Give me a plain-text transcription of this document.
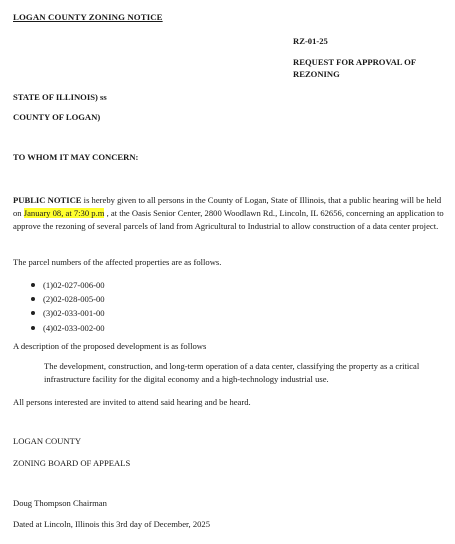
LOGAN COUNTY ZONING NOTICE
RZ-01-25
REQUEST FOR APPROVAL OF REZONING
STATE OF ILLINOIS) ss
COUNTY OF LOGAN)
TO WHOM IT MAY CONCERN:
PUBLIC NOTICE is hereby given to all persons in the County of Logan, State of Illinois, that a public hearing will be held on January 08, at 7:30 p.m , at the Oasis Senior Center, 2800 Woodlawn Rd., Lincoln, IL 62656, concerning an application to approve the rezoning of several parcels of land from Agricultural to Industrial to allow construction of a data center project.
The parcel numbers of the affected properties are as follows.
(1)02-027-006-00
(2)02-028-005-00
(3)02-033-001-00
(4)02-033-002-00
A description of the proposed development is as follows
The development, construction, and long-term operation of a data center, classifying the property as a critical infrastructure facility for the digital economy and a high-technology industrial use.
All persons interested are invited to attend said hearing and be heard.
LOGAN COUNTY
ZONING BOARD OF APPEALS
Doug Thompson Chairman
Dated at Lincoln, Illinois this 3rd day of December, 2025
